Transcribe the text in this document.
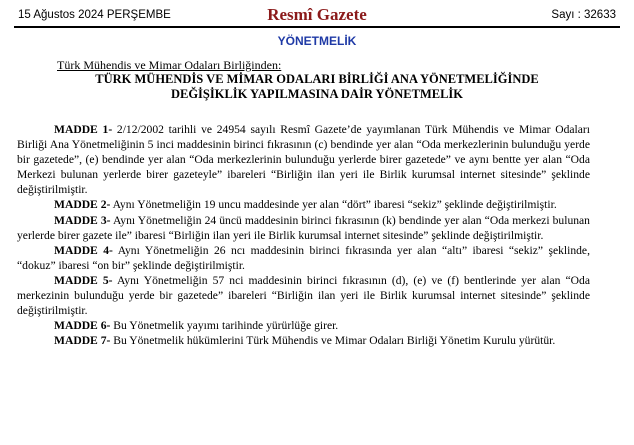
15 Ağustos 2024 PERŞEMBE	Resmî Gazete	Sayı : 32633
YÖNETMELİK
Türk Mühendis ve Mimar Odaları Birliğinden:
TÜRK MÜHENDİS VE MİMAR ODALARI BİRLİĞİ ANA YÖNETMELİĞİNDE
DEĞİŞİKLİK YAPILMASINA DAİR YÖNETMELİK

MADDE 1- 2/12/2002 tarihli ve 24954 sayılı Resmî Gazete’de yayımlanan Türk Mühendis ve Mimar Odaları Birliği Ana Yönetmeliğinin 5 inci maddesinin birinci fıkrasının (c) bendinde yer alan “Oda merkezlerinin bulunduğu yerde bir gazetede”, (e) bendinde yer alan “Oda merkezlerinin bulunduğu yerlerde birer gazetede” ve aynı bentte yer alan “Oda Merkezi bulunan yerlerde birer gazeteyle” ibareleri “Birliğin ilan yeri ile Birlik kurumsal internet sitesinde” şeklinde değiştirilmiştir.

MADDE 2- Aynı Yönetmeliğin 19 uncu maddesinde yer alan “dört” ibaresi “sekiz” şeklinde değiştirilmiştir.

MADDE 3- Aynı Yönetmeliğin 24 üncü maddesinin birinci fıkrasının (k) bendinde yer alan “Oda merkezi bulunan yerlerde birer gazete ile” ibaresi “Birliğin ilan yeri ile Birlik kurumsal internet sitesinde” şeklinde değiştirilmiştir.

MADDE 4- Aynı Yönetmeliğin 26 ncı maddesinin birinci fıkrasında yer alan “altı” ibaresi “sekiz” şeklinde, “dokuz” ibaresi “on bir” şeklinde değiştirilmiştir.

MADDE 5- Aynı Yönetmeliğin 57 nci maddesinin birinci fıkrasının (d), (e) ve (f) bentlerinde yer alan “Oda merkezinin bulunduğu yerde bir gazetede” ibareleri “Birliğin ilan yeri ile Birlik kurumsal internet sitesinde” şeklinde değiştirilmiştir.

MADDE 6- Bu Yönetmelik yayımı tarihinde yürürlüğe girer.

MADDE 7- Bu Yönetmelik hükümlerini Türk Mühendis ve Mimar Odaları Birliği Yönetim Kurulu yürütür.
